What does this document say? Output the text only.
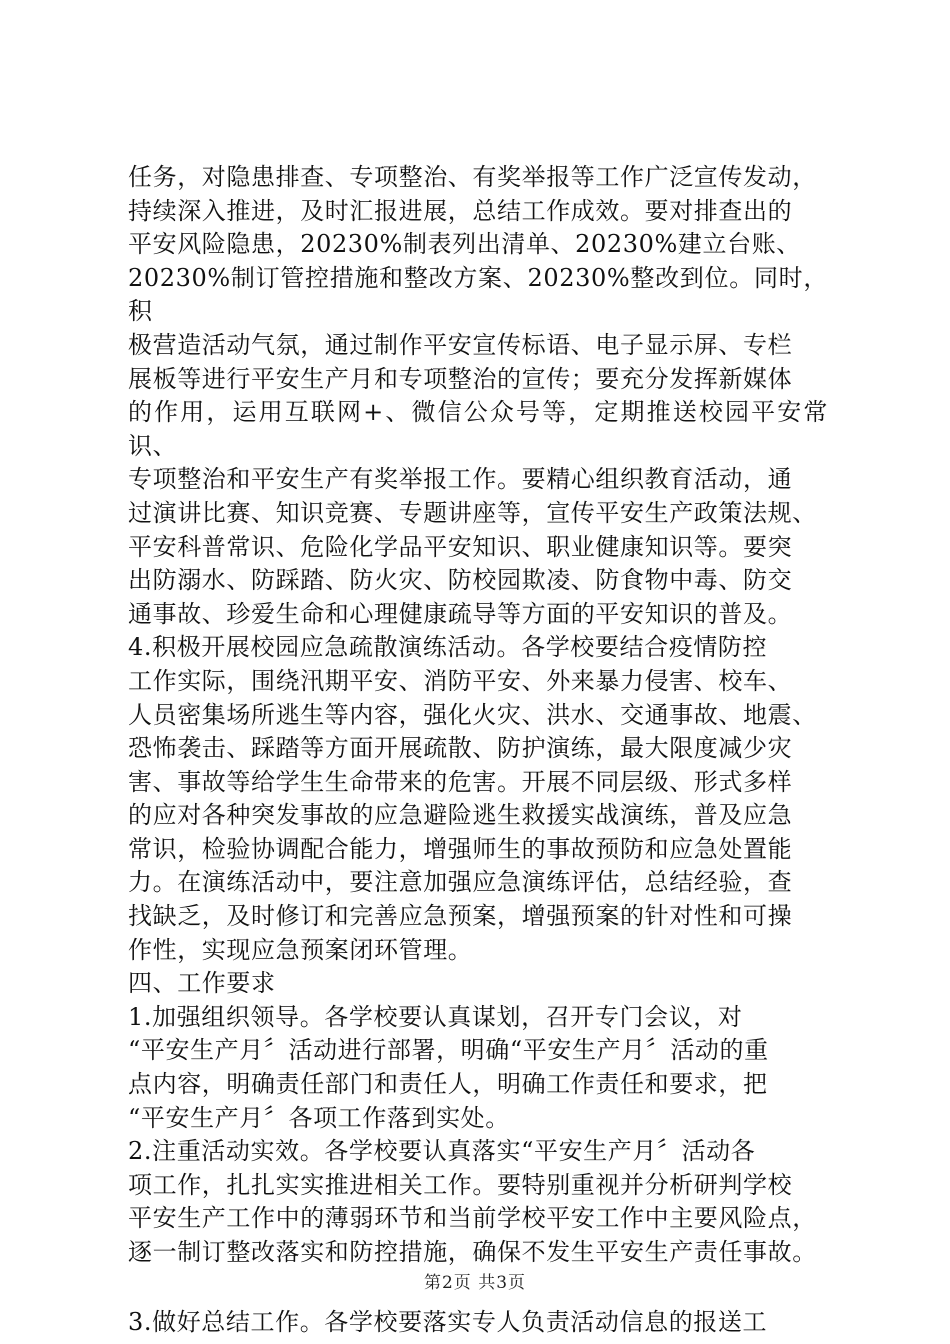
任务，对隐患排查、专项整治、有奖举报等工作广泛宣传发动，
持续深入推进，及时汇报进展，总结工作成效。要对排查出的
平安风险隐患，20230%制表列出清单、20230%建立台账、
20230%制订管控措施和整改方案、20230%整改到位。同时，积
极营造活动气氛，通过制作平安宣传标语、电子显示屏、专栏
展板等进行平安生产月和专项整治的宣传；要充分发挥新媒体
的作用，运用互联网+、微信公众号等，定期推送校园平安常识、
专项整治和平安生产有奖举报工作。要精心组织教育活动，通
过演讲比赛、知识竞赛、专题讲座等，宣传平安生产政策法规、
平安科普常识、危险化学品平安知识、职业健康知识等。要突
出防溺水、防踩踏、防火灾、防校园欺凌、防食物中毒、防交
通事故、珍爱生命和心理健康疏导等方面的平安知识的普及。

4.积极开展校园应急疏散演练活动。各学校要结合疫情防控
工作实际，围绕汛期平安、消防平安、外来暴力侵害、校车、
人员密集场所逃生等内容，强化火灾、洪水、交通事故、地震、
恐怖袭击、踩踏等方面开展疏散、防护演练，最大限度减少灾
害、事故等给学生生命带来的危害。开展不同层级、形式多样
的应对各种突发事故的应急避险逃生救援实战演练，普及应急
常识，检验协调配合能力，增强师生的事故预防和应急处置能
力。在演练活动中，要注意加强应急演练评估，总结经验，查
找缺乏，及时修订和完善应急预案，增强预案的针对性和可操
作性，实现应急预案闭环管理。

四、工作要求

1.加强组织领导。各学校要认真谋划，召开专门会议，对
“平安生产月〞活动进行部署，明确“平安生产月〞活动的重
点内容，明确责任部门和责任人，明确工作责任和要求，把
“平安生产月〞各项工作落到实处。

2.注重活动实效。各学校要认真落实“平安生产月〞活动各
项工作，扎扎实实推进相关工作。要特别重视并分析研判学校
平安生产工作中的薄弱环节和当前学校平安工作中主要风险点，
逐一制订整改落实和防控措施，确保不发生平安生产责任事故。

3.做好总结工作。各学校要落实专人负责活动信息的报送工

第2页 共3页
